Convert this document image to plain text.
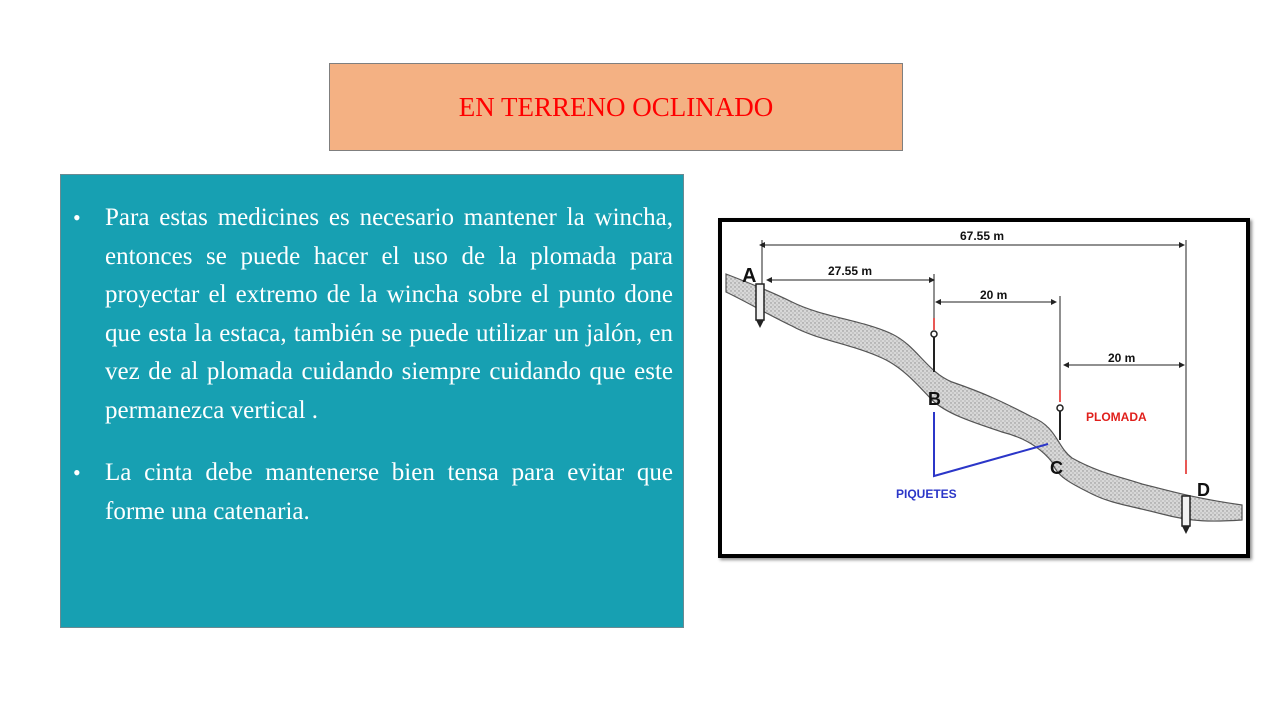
EN TERRENO OCLINADO
• Para estas medicines es necesario mantener la wincha, entonces se puede hacer el uso de la plomada para proyectar el extremo de la wincha sobre el punto done que esta la estaca, también se puede utilizar un jalón, en vez de al plomada cuidando siempre cuidando que este permanezca vertical .
• La cinta debe mantenerse bien tensa para evitar que forme una catenaria.
67.55 m
27.55 m
20 m
20 m
A
B
C
D
PLOMADA
PIQUETES
